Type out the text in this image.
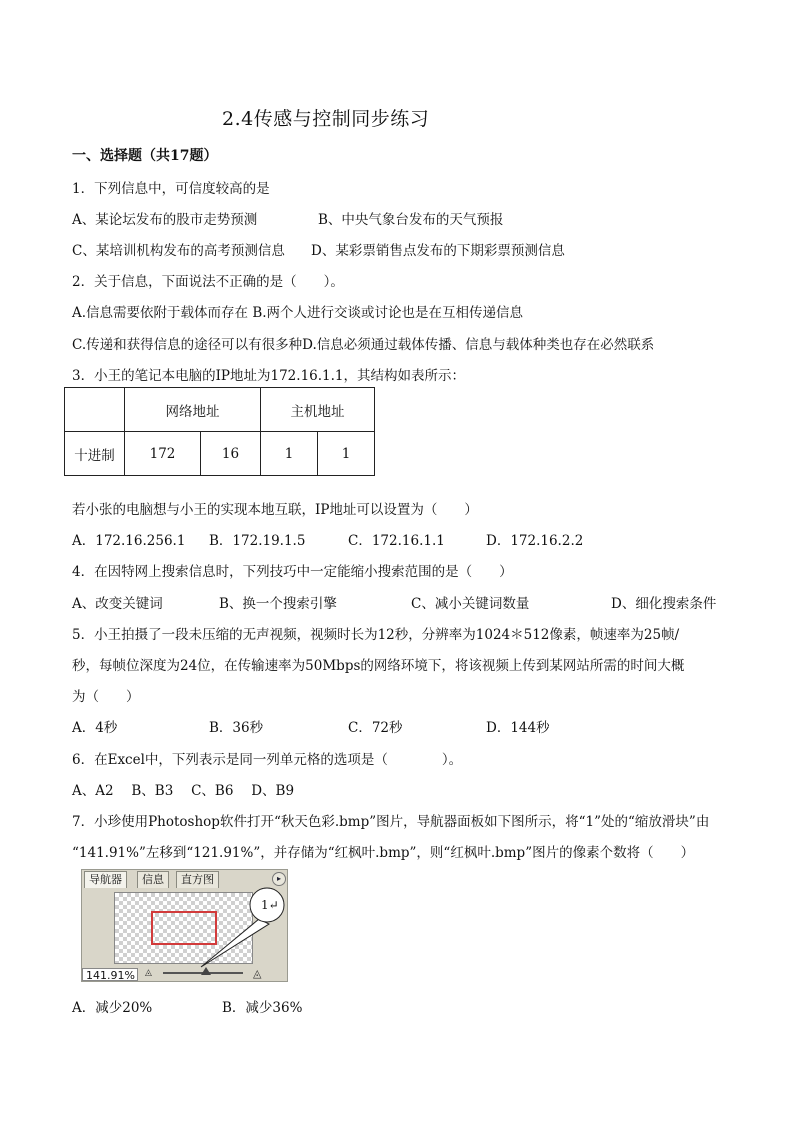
2.4传感与控制同步练习
一、选择题（共17题）
1．下列信息中，可信度较高的是
A、某论坛发布的股市走势预测	B、中央气象台发布的天气预报
C、某培训机构发布的高考预测信息 D、某彩票销售点发布的下期彩票预测信息
2．关于信息，下面说法不正确的是（　　）。
A.信息需要依附于载体而存在 B.两个人进行交谈或讨论也是在互相传递信息
C.传递和获得信息的途径可以有很多种D.信息必须通过载体传播、信息与载体种类也存在必然联系
3．小王的笔记本电脑的IP地址为172.16.1.1，其结构如表所示：
	网络地址		主机地址	
十进制	172	16	1	1
若小张的电脑想与小王的实现本地互联，IP地址可以设置为（　　）
A．172.16.256.1 B．172.19.1.5	C．172.16.1.1	D．172.16.2.2
4．在因特网上搜索信息时，下列技巧中一定能缩小搜索范围的是（　　）
A、改变关键词	B、换一个搜索引擎	C、减小关键词数量	D、细化搜索条件
5．小王拍摄了一段未压缩的无声视频，视频时长为12秒，分辨率为1024＊512像素，帧速率为25帧/
秒，每帧位深度为24位，在传输速率为50Mbps的网络环境下，将该视频上传到某网站所需的时间大概
为（　　）
A．4秒	B．36秒	C．72秒	D．144秒
6．在Excel中，下列表示是同一列单元格的选项是（　　　　）。
A、A2　 B、B3　 C、B6　 D、B9
7．小珍使用Photoshop软件打开“秋天色彩.bmp”图片，导航器面板如下图所示，将“1”处的“缩放滑块”由
“141.91%”左移到“121.91%”，并存储为“红枫叶.bmp”，则“红枫叶.bmp”图片的像素个数将（　　）
导航器	信息	直方图	▸
141.91%	◬	◬
1↵
A．减少20%	B．减少36%
